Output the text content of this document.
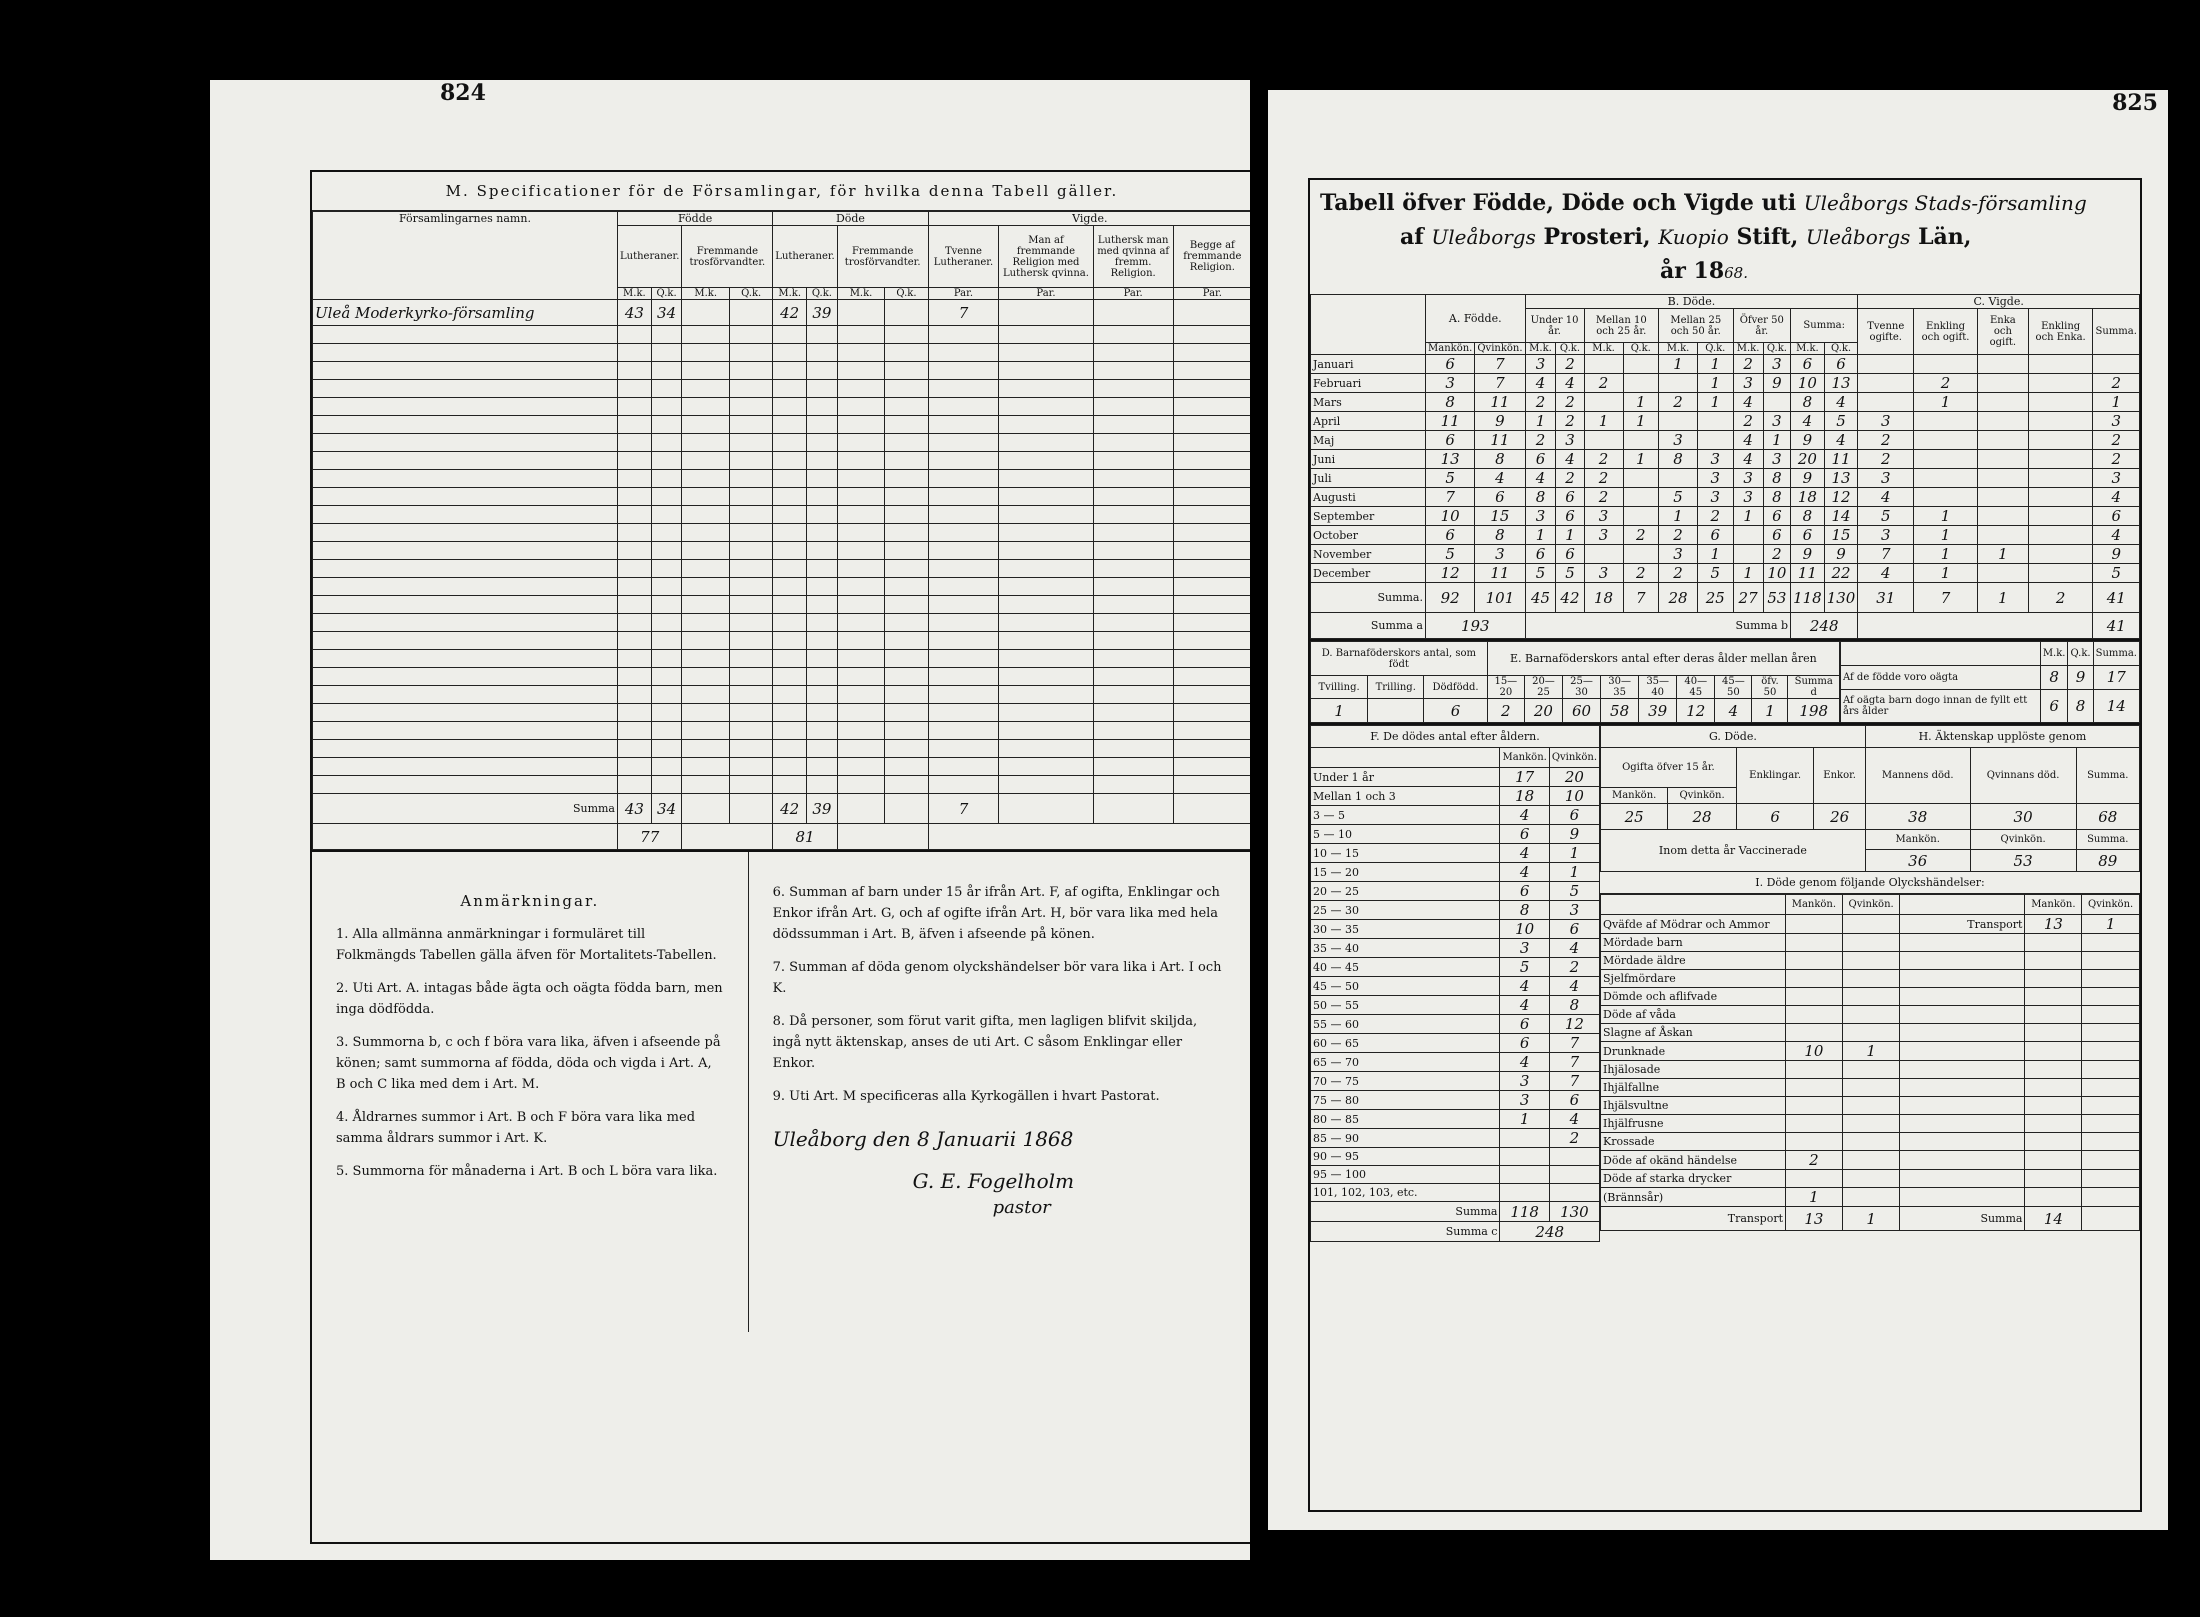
824
M. Specificationer för de Församlingar, för hvilka denna Tabell gäller.
Församlingarnes namn.	Födde				Döde				Vigde.			
	Lutheraner.		Fremmande trosförvandter.		Lutheraner.		Fremmande trosförvandter.		Tvenne Lutheraner.	Man af fremmande Religion med Luthersk qvinna.	Luthersk man med qvinna af fremm. Religion.	Begge af fremmande Religion.
	M.k.	Q.k.	M.k.	Q.k.	M.k.	Q.k.	M.k.	Q.k.	Par.	Par.	Par.	Par.
Uleå Moderkyrko-församling	43	34			42	39			7			

Summa	43	34			42	39			7			
	77				81							
Anmärkningar.

1. Alla allmänna anmärkningar i formuläret till Folkmängds Tabellen gälla äfven för Mortalitets-Tabellen.

2. Uti Art. A. intagas både ägta och oägta födda barn, men inga dödfödda.

3. Summorna b, c och f böra vara lika, äfven i afseende på könen; samt summorna af födda, döda och vigda i Art. A, B och C lika med dem i Art. M.

4. Åldrarnes summor i Art. B och F böra vara lika med samma åldrars summor i Art. K.

5. Summorna för månaderna i Art. B och L böra vara lika.

6. Summan af barn under 15 år ifrån Art. F, af ogifta, Enklingar och Enkor ifrån Art. G, och af ogifte ifrån Art. H, bör vara lika med hela dödssumman i Art. B, äfven i afseende på könen.

7. Summan af döda genom olyckshändelser bör vara lika i Art. I och K.

8. Då personer, som förut varit gifta, men lagligen blifvit skiljda, ingå nytt äktenskap, anses de uti Art. C såsom Enklingar eller Enkor.

9. Uti Art. M specificeras alla Kyrkogällen i hvart Pastorat.

Uleåborg den 8 Januarii 1868
G. E. Fogelholm
pastor
825
Tabell öfver Födde, Döde och Vigde uti Uleåborgs Stads-församling
af Uleåborgs Prosteri, Kuopio Stift, Uleåborgs Län,
år 1868.
	A. Födde.		B. Döde.										C. Vigde.				
			Under 10 år.		Mellan 10 och 25 år.		Mellan 25 och 50 år.		Öfver 50 år.		Summa:		Tvenne ogifte.	Enkling och ogift.	Enka och ogift.	Enkling och Enka.	Summa.
	Mankön.	Qvinkön.	M.k.	Q.k.	M.k.	Q.k.	M.k.	Q.k.	M.k.	Q.k.	M.k.	Q.k.					
Januari	6	7	3	2			1	1	2	3	6	6					
Februari	3	7	4	4	2			1	3	9	10	13		2			2
Mars	8	11	2	2		1	2	1	4		8	4		1			1
April	11	9	1	2	1	1			2	3	4	5	3				3
Maj	6	11	2	3			3		4	1	9	4	2				2
Juni	13	8	6	4	2	1	8	3	4	3	20	11	2				2
Juli	5	4	4	2	2			3	3	8	9	13	3				3
Augusti	7	6	8	6	2		5	3	3	8	18	12	4				4
September	10	15	3	6	3		1	2	1	6	8	14	5	1			6
October	6	8	1	1	3	2	2	6		6	6	15	3	1			4
November	5	3	6	6			3	1		2	9	9	7	1	1		9
December	12	11	5	5	3	2	2	5	1	10	11	22	4	1			5
Summa.	92	101	45	42	18	7	28	25	27	53	118	130	31	7	1	2	41
Summa a	193		Summa b								248						41
D. Barnaföderskors antal, som födt			E. Barnaföderskors antal efter deras ålder mellan åren								
Tvilling.	Trilling.	Dödfödd.	15—20	20—25	25—30	30—35	35—40	40—45	45—50	öfv. 50	Summa d
1		6	2	20	60	58	39	12	4	1	198
	M.k.	Q.k.	Summa.
Af de födde voro oägta	8	9	17
Af oägta barn dogo innan de fyllt ett års ålder	6	8	14
F. De dödes antal efter åldern.		
	Mankön.	Qvinkön.
Under 1 år	17	20
Mellan 1 och 3	18	10
3 — 5	4	6
5 — 10	6	9
10 — 15	4	1
15 — 20	4	1
20 — 25	6	5
25 — 30	8	3
30 — 35	10	6
35 — 40	3	4
40 — 45	5	2
45 — 50	4	4
50 — 55	4	8
55 — 60	6	12
60 — 65	6	7
65 — 70	4	7
70 — 75	3	7
75 — 80	3	6
80 — 85	1	4
85 — 90		2
90 — 95		
95 — 100		
101, 102, 103, etc.		
Summa	118	130
Summa c	248	
G. Döde.				H. Äktenskap upplöste genom		
Ogifta öfver 15 år.		Enklingar.	Enkor.	Mannens död.	Qvinnans död.	Summa.
Mankön.	Qvinkön.					
25	28	6	26	38	30	68
Inom detta år Vaccinerade				Mankön.	Qvinkön.	Summa.
				36	53	89
I. Döde genom följande Olyckshändelser:
	Mankön.	Qvinkön.		Mankön.	Qvinkön.
Qväfde af Mödrar och Ammor			Transport	13	1
Mördade barn					
Mördade äldre					
Sjelfmördare					
Dömde och aflifvade					
Döde af våda					
Slagne af Åskan					
Drunknade	10	1			
Ihjälosade					
Ihjälfallne					
Ihjälsvultne					
Ihjälfrusne					
Krossade					
Döde af okänd händelse	2				
Döde af starka drycker					
(Brännsår)	1				
Transport	13	1	Summa	14	
